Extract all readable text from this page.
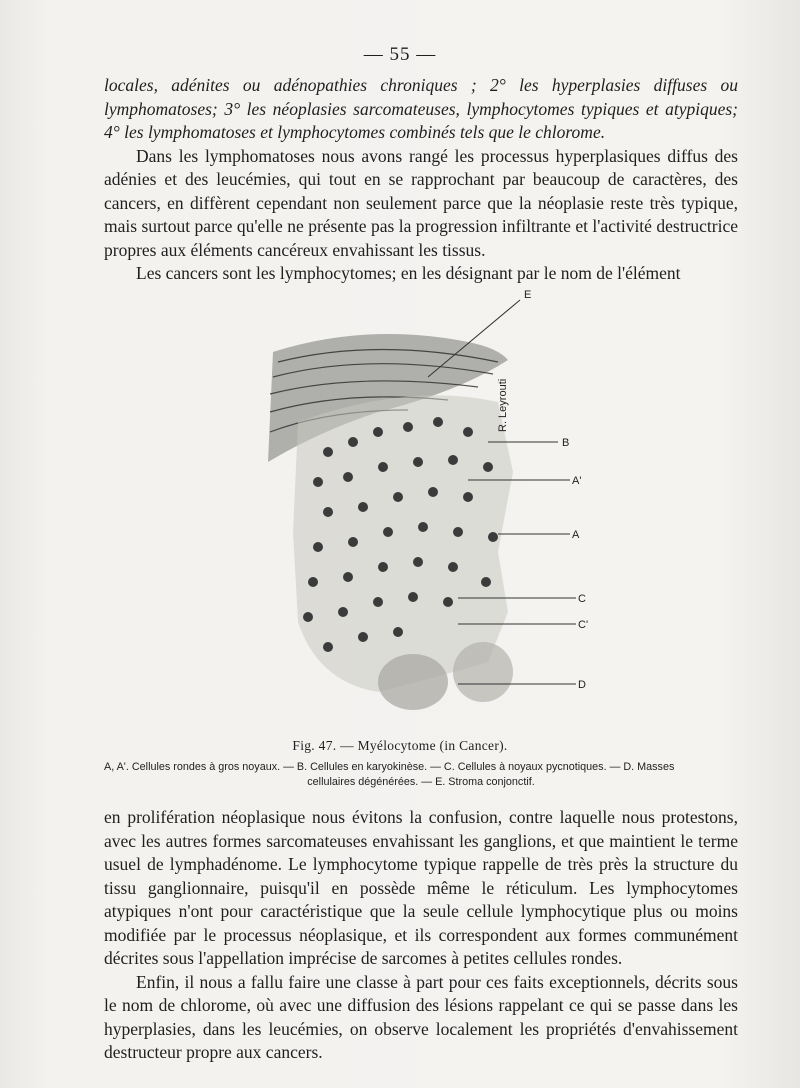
— 55 —

locales, adénites ou adénopathies chroniques ; 2° les hyperplasies diffuses ou lymphomatoses; 3° les néoplasies sarcomateuses, lymphocytomes typiques et atypiques; 4° les lymphomatoses et lymphocytomes combinés tels que le chlorome.

Dans les lymphomatoses nous avons rangé les processus hyperplasiques diffus des adénies et des leucémies, qui tout en se rapprochant par beaucoup de caractères, des cancers, en diffèrent cependant non seulement parce que la néoplasie reste très typique, mais surtout parce qu'elle ne présente pas la progression infiltrante et l'activité destructrice propres aux éléments cancéreux envahissant les tissus.

Les cancers sont les lymphocytomes; en les désignant par le nom de l'élément

R. Leyrouti
E
B
A'
A
C
C'
D
Fig. 47. — Myélocytome (in Cancer).
A, A'. Cellules rondes à gros noyaux. — B. Cellules en karyokinèse. — C. Cellules à noyaux pycnotiques. — D. Masses
cellulaires dégénérées. — E. Stroma conjonctif.

en prolifération néoplasique nous évitons la confusion, contre laquelle nous protestons, avec les autres formes sarcomateuses envahissant les ganglions, et que maintient le terme usuel de lymphadénome. Le lymphocytome typique rappelle de très près la structure du tissu ganglionnaire, puisqu'il en possède même le réticulum. Les lymphocytomes atypiques n'ont pour caractéristique que la seule cellule lymphocytique plus ou moins modifiée par le processus néoplasique, et ils correspondent aux formes communément décrites sous l'appellation imprécise de sarcomes à petites cellules rondes.

Enfin, il nous a fallu faire une classe à part pour ces faits exceptionnels, décrits sous le nom de chlorome, où avec une diffusion des lésions rappelant ce qui se passe dans les hyperplasies, dans les leucémies, on observe localement les propriétés d'envahissement destructeur propre aux cancers.
